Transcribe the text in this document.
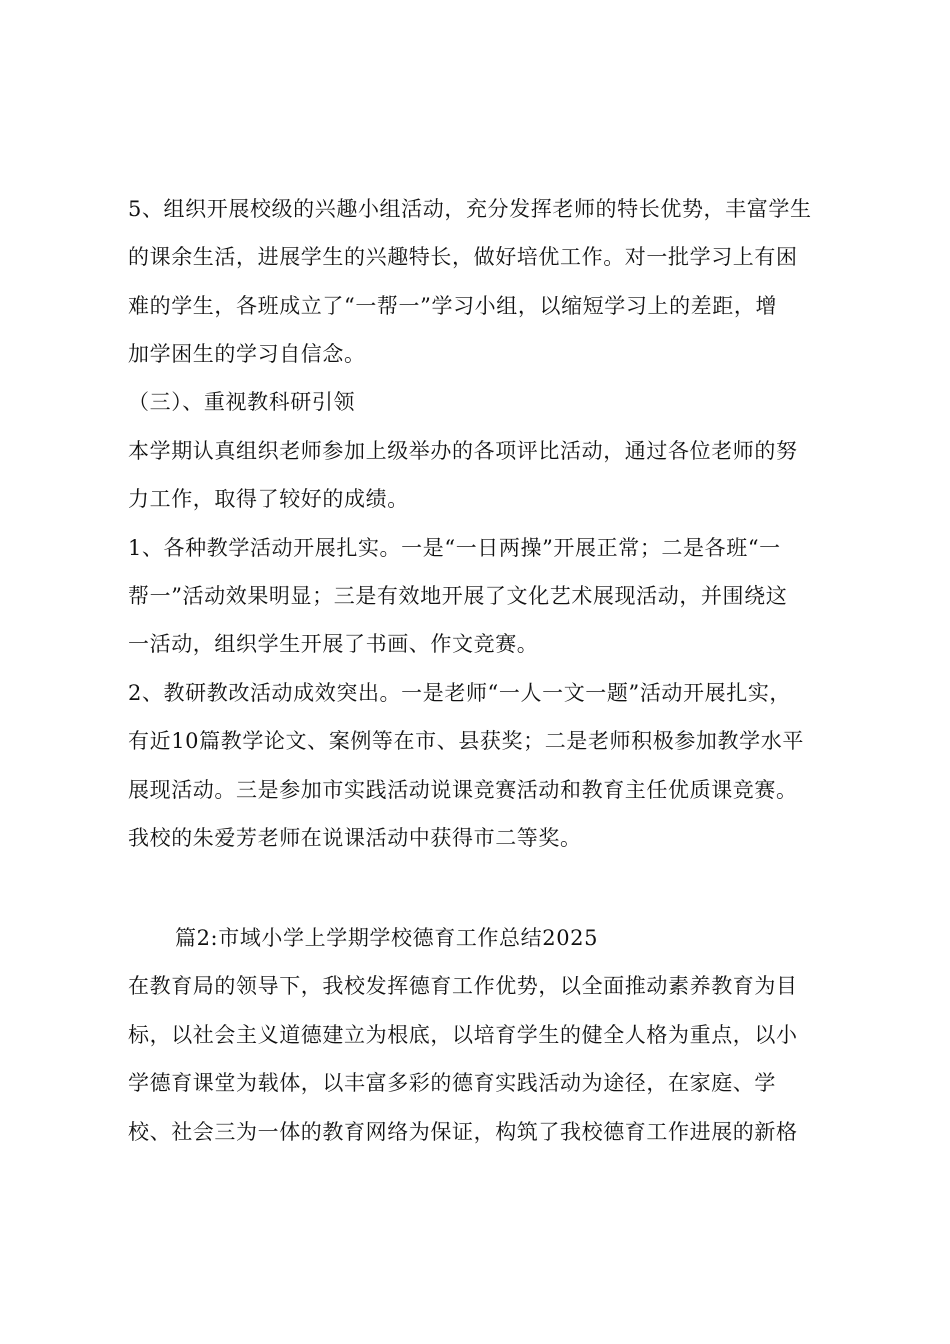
5、组织开展校级的兴趣小组活动，充分发挥老师的特长优势，丰富学生
的课余生活，进展学生的兴趣特长，做好培优工作。对一批学习上有困
难的学生，各班成立了“一帮一”学习小组，以缩短学习上的差距，增
加学困生的学习自信念。
（三）、重视教科研引领
本学期认真组织老师参加上级举办的各项评比活动，通过各位老师的努
力工作，取得了较好的成绩。
1、各种教学活动开展扎实。一是“一日两操”开展正常；二是各班“一
帮一”活动效果明显；三是有效地开展了文化艺术展现活动，并围绕这
一活动，组织学生开展了书画、作文竞赛。
2、教研教改活动成效突出。一是老师“一人一文一题”活动开展扎实，
有近10篇教学论文、案例等在市、县获奖；二是老师积极参加教学水平
展现活动。三是参加市实践活动说课竞赛活动和教育主任优质课竞赛。
我校的朱爱芳老师在说课活动中获得市二等奖。
篇2:市域小学上学期学校德育工作总结2025
在教育局的领导下，我校发挥德育工作优势，以全面推动素养教育为目
标，以社会主义道德建立为根底，以培育学生的健全人格为重点，以小
学德育课堂为载体，以丰富多彩的德育实践活动为途径，在家庭、学
校、社会三为一体的教育网络为保证，构筑了我校德育工作进展的新格
